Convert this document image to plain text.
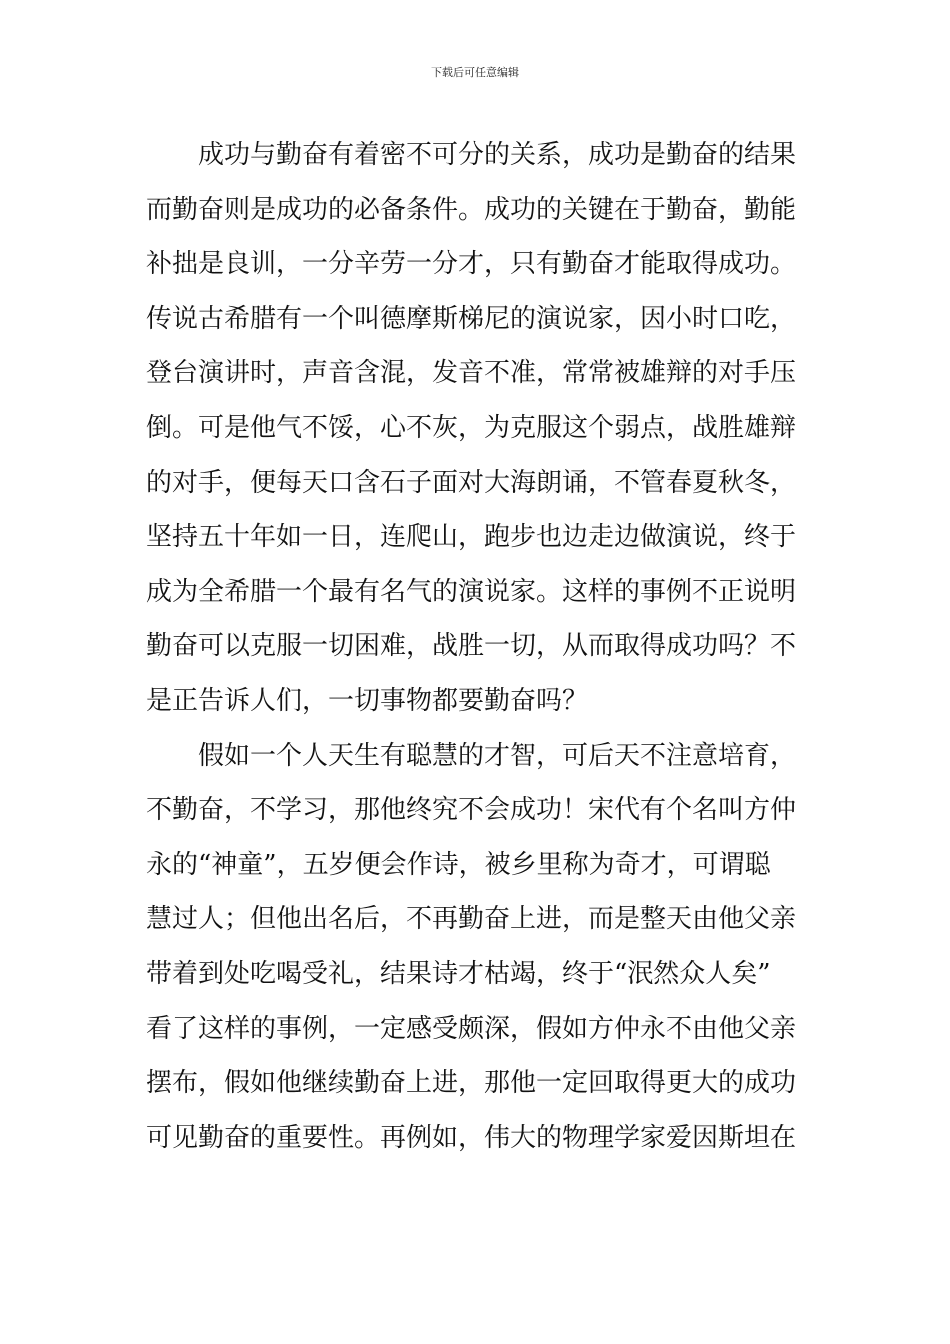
下载后可任意编辑
成功与勤奋有着密不可分的关系，成功是勤奋的结果
而勤奋则是成功的必备条件。成功的关键在于勤奋，勤能
补拙是良训，一分辛劳一分才，只有勤奋才能取得成功。
传说古希腊有一个叫德摩斯梯尼的演说家，因小时口吃，
登台演讲时，声音含混，发音不准，常常被雄辩的对手压
倒。可是他气不馁，心不灰，为克服这个弱点，战胜雄辩
的对手，便每天口含石子面对大海朗诵，不管春夏秋冬，
坚持五十年如一日，连爬山，跑步也边走边做演说，终于
成为全希腊一个最有名气的演说家。这样的事例不正说明
勤奋可以克服一切困难，战胜一切，从而取得成功吗？不
是正告诉人们，一切事物都要勤奋吗？
假如一个人天生有聪慧的才智，可后天不注意培育，
不勤奋，不学习，那他终究不会成功！宋代有个名叫方仲
永的“神童”，五岁便会作诗，被乡里称为奇才，可谓聪
慧过人；但他出名后，不再勤奋上进，而是整天由他父亲
带着到处吃喝受礼，结果诗才枯竭，终于“泯然众人矣”
看了这样的事例，一定感受颇深，假如方仲永不由他父亲
摆布，假如他继续勤奋上进，那他一定回取得更大的成功
可见勤奋的重要性。再例如，伟大的物理学家爱因斯坦在
